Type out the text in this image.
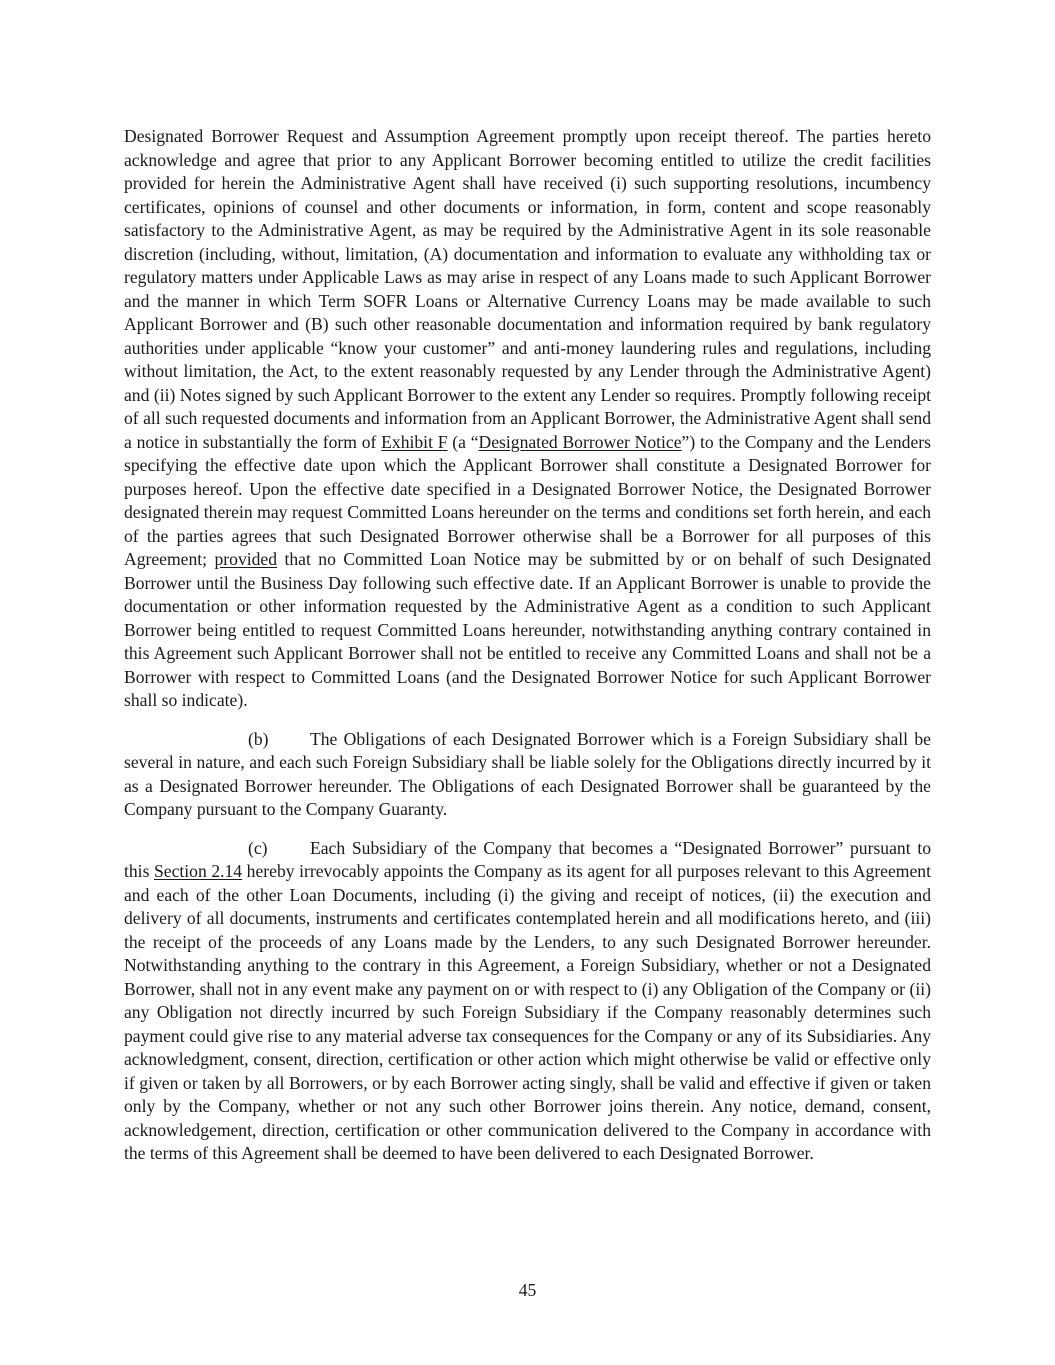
Designated Borrower Request and Assumption Agreement promptly upon receipt thereof. The parties hereto acknowledge and agree that prior to any Applicant Borrower becoming entitled to utilize the credit facilities provided for herein the Administrative Agent shall have received (i) such supporting resolutions, incumbency certificates, opinions of counsel and other documents or information, in form, content and scope reasonably satisfactory to the Administrative Agent, as may be required by the Administrative Agent in its sole reasonable discretion (including, without, limitation, (A) documentation and information to evaluate any withholding tax or regulatory matters under Applicable Laws as may arise in respect of any Loans made to such Applicant Borrower and the manner in which Term SOFR Loans or Alternative Currency Loans may be made available to such Applicant Borrower and (B) such other reasonable documentation and information required by bank regulatory authorities under applicable “know your customer” and anti-money laundering rules and regulations, including without limitation, the Act, to the extent reasonably requested by any Lender through the Administrative Agent) and (ii) Notes signed by such Applicant Borrower to the extent any Lender so requires. Promptly following receipt of all such requested documents and information from an Applicant Borrower, the Administrative Agent shall send a notice in substantially the form of Exhibit F (a “Designated Borrower Notice”) to the Company and the Lenders specifying the effective date upon which the Applicant Borrower shall constitute a Designated Borrower for purposes hereof. Upon the effective date specified in a Designated Borrower Notice, the Designated Borrower designated therein may request Committed Loans hereunder on the terms and conditions set forth herein, and each of the parties agrees that such Designated Borrower otherwise shall be a Borrower for all purposes of this Agreement; provided that no Committed Loan Notice may be submitted by or on behalf of such Designated Borrower until the Business Day following such effective date. If an Applicant Borrower is unable to provide the documentation or other information requested by the Administrative Agent as a condition to such Applicant Borrower being entitled to request Committed Loans hereunder, notwithstanding anything contrary contained in this Agreement such Applicant Borrower shall not be entitled to receive any Committed Loans and shall not be a Borrower with respect to Committed Loans (and the Designated Borrower Notice for such Applicant Borrower shall so indicate).

(b) The Obligations of each Designated Borrower which is a Foreign Subsidiary shall be several in nature, and each such Foreign Subsidiary shall be liable solely for the Obligations directly incurred by it as a Designated Borrower hereunder. The Obligations of each Designated Borrower shall be guaranteed by the Company pursuant to the Company Guaranty.

(c) Each Subsidiary of the Company that becomes a “Designated Borrower” pursuant to this Section 2.14 hereby irrevocably appoints the Company as its agent for all purposes relevant to this Agreement and each of the other Loan Documents, including (i) the giving and receipt of notices, (ii) the execution and delivery of all documents, instruments and certificates contemplated herein and all modifications hereto, and (iii) the receipt of the proceeds of any Loans made by the Lenders, to any such Designated Borrower hereunder. Notwithstanding anything to the contrary in this Agreement, a Foreign Subsidiary, whether or not a Designated Borrower, shall not in any event make any payment on or with respect to (i) any Obligation of the Company or (ii) any Obligation not directly incurred by such Foreign Subsidiary if the Company reasonably determines such payment could give rise to any material adverse tax consequences for the Company or any of its Subsidiaries. Any acknowledgment, consent, direction, certification or other action which might otherwise be valid or effective only if given or taken by all Borrowers, or by each Borrower acting singly, shall be valid and effective if given or taken only by the Company, whether or not any such other Borrower joins therein. Any notice, demand, consent, acknowledgement, direction, certification or other communication delivered to the Company in accordance with the terms of this Agreement shall be deemed to have been delivered to each Designated Borrower.

45
